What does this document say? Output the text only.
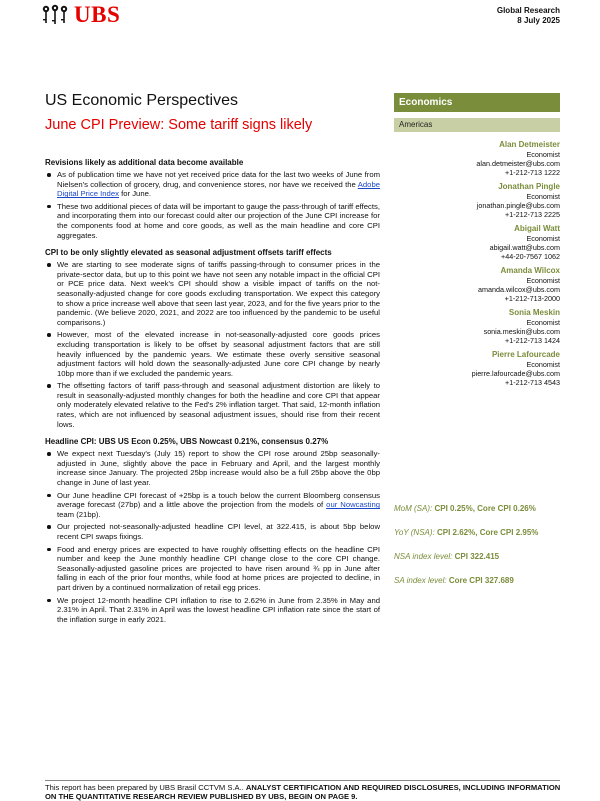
UBS	Global Research
8 July 2025
US Economic Perspectives
June CPI Preview: Some tariff signs likely
Economics
Americas
Alan Detmeister
Economist
alan.detmeister@ubs.com
+1-212-713 1222
Jonathan Pingle
Economist
jonathan.pingle@ubs.com
+1-212-713 2225
Abigail Watt
Economist
abigail.watt@ubs.com
+44-20-7567 1062
Amanda Wilcox
Economist
amanda.wilcox@ubs.com
+1-212-713-2000
Sonia Meskin
Economist
sonia.meskin@ubs.com
+1-212-713 1424
Pierre Lafourcade
Economist
pierre.lafourcade@ubs.com
+1-212-713 4543
Revisions likely as additional data become available
As of publication time we have not yet received price data for the last two weeks of June from Nielsen's collection of grocery, drug, and convenience stores, nor have we received the Adobe Digital Price Index for June.
These two additional pieces of data will be important to gauge the pass-through of tariff effects, and incorporating them into our forecast could alter our projection of the June CPI increase for the components food at home and core goods, as well as the main headline and core CPI aggregates.
CPI to be only slightly elevated as seasonal adjustment offsets tariff effects
We are starting to see moderate signs of tariffs passing-through to consumer prices in the private-sector data, but up to this point we have not seen any notable impact in the official CPI or PCE price data. Next week's CPI should show a visible impact of tariffs on the not-seasonally-adjusted change for core goods excluding transportation. We expect this category to show a price increase well above that seen last year, 2023, and for the five years prior to the pandemic. (We believe 2020, 2021, and 2022 are too influenced by the pandemic to be useful comparisons.)
However, most of the elevated increase in not-seasonally-adjusted core goods prices excluding transportation is likely to be offset by seasonal adjustment factors that are still heavily influenced by the pandemic years. We estimate these overly sensitive seasonal adjustment factors will hold down the seasonally-adjusted June core CPI change by nearly 10bp more than if we excluded the pandemic years.
The offsetting factors of tariff pass-through and seasonal adjustment distortion are likely to result in seasonally-adjusted monthly changes for both the headline and core CPI that appear only moderately elevated relative to the Fed's 2% inflation target. That said, 12-month inflation rates, which are not influenced by seasonal adjustment issues, should rise from their recent lows.
Headline CPI: UBS US Econ 0.25%, UBS Nowcast 0.21%, consensus 0.27%
We expect next Tuesday's (July 15) report to show the CPI rose around 25bp seasonally-adjusted in June, slightly above the pace in February and April, and the largest monthly increase since January. The projected 25bp increase would also be a full 25bp above the 0bp change in June of last year.
Our June headline CPI forecast of +25bp is a touch below the current Bloomberg consensus average forecast (27bp) and a little above the projection from the models of our Nowcasting team (21bp).
Our projected not-seasonally-adjusted headline CPI level, at 322.415, is about 5bp below recent CPI swaps fixings.
Food and energy prices are expected to have roughly offsetting effects on the headline CPI number and keep the June monthly headline CPI change close to the core CPI change. Seasonally-adjusted gasoline prices are projected to have risen around ¾ pp in June after falling in each of the prior four months, while food at home prices are projected to decline, in part driven by a continued normalization of retail egg prices.
We project 12-month headline CPI inflation to rise to 2.62% in June from 2.35% in May and 2.31% in April. That 2.31% in April was the lowest headline CPI inflation rate since the start of the inflation surge in early 2021.
MoM (SA): CPI 0.25%, Core CPI 0.26%
YoY (NSA): CPI 2.62%, Core CPI 2.95%
NSA index level: CPI 322.415
SA index level: Core CPI 327.689
This report has been prepared by UBS Brasil CCTVM S.A.. ANALYST CERTIFICATION AND REQUIRED DISCLOSURES, INCLUDING INFORMATION ON THE QUANTITATIVE RESEARCH REVIEW PUBLISHED BY UBS, BEGIN ON PAGE 9.
